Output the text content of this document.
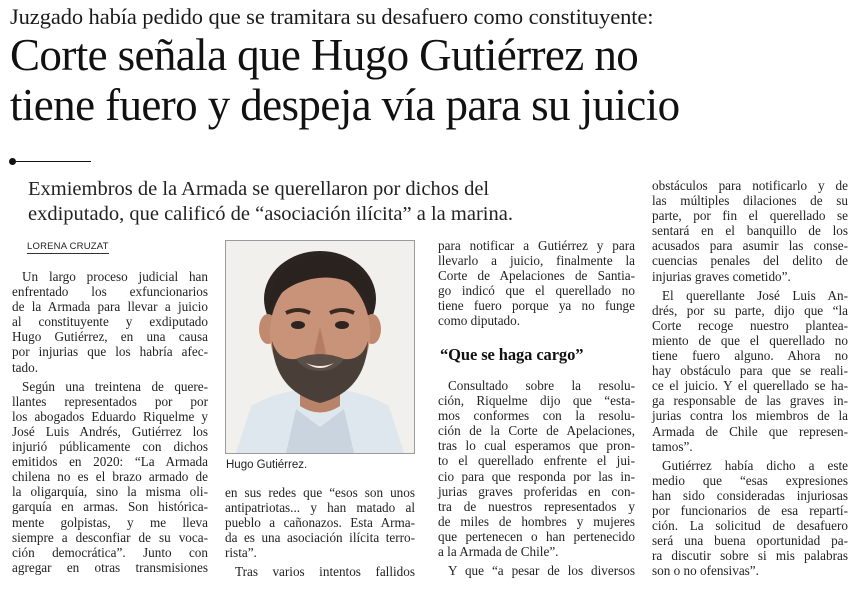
Juzgado había pedido que se tramitara su desafuero como constituyente:
Corte señala que Hugo Gutiérrez no
tiene fuero y despeja vía para su juicio
Exmiembros de la Armada se querellaron por dichos del
exdiputado, que calificó de “asociación ilícita” a la marina.
LORENA CRUZAT
Un largo proceso judicial han
enfrentado los exfuncionarios
de la Armada para llevar a juicio
al constituyente y exdiputado
Hugo Gutiérrez, en una causa
por injurias que los habría afec-
tado.
Según una treintena de quere-
llantes representados por por
los abogados Eduardo Riquelme y
José Luis Andrés, Gutiérrez los
injurió públicamente con dichos
emitidos en 2020: “La Armada
chilena no es el brazo armado de
la oligarquía, sino la misma oli-
garquía en armas. Son histórica-
mente golpistas, y me lleva
siempre a desconfiar de su voca-
ción democrática”. Junto con
agregar en otras transmisiones
en sus redes que “esos son unos
antipatriotas... y han matado al
pueblo a cañonazos. Esta Arma-
da es una asociación ilícita terro-
rista”.
Tras varios intentos fallidos
para notificar a Gutiérrez y para
llevarlo a juicio, finalmente la
Corte de Apelaciones de Santia-
go indicó que el querellado no
tiene fuero porque ya no funge
como diputado.
“Que se haga cargo”
Consultado sobre la resolu-
ción, Riquelme dijo que “esta-
mos conformes con la resolu-
ción de la Corte de Apelaciones,
tras lo cual esperamos que pron-
to el querellado enfrente el jui-
cio para que responda por las in-
jurias graves proferidas en con-
tra de nuestros representados y
de miles de hombres y mujeres
que pertenecen o han pertenecido
a la Armada de Chile”.
Y que “a pesar de los diversos
obstáculos para notificarlo y de
las múltiples dilaciones de su
parte, por fin el querellado se
sentará en el banquillo de los
acusados para asumir las conse-
cuencias penales del delito de
injurias graves cometido”.
El querellante José Luis An-
drés, por su parte, dijo que “la
Corte recoge nuestro plantea-
miento de que el querellado no
tiene fuero alguno. Ahora no
hay obstáculo para que se reali-
ce el juicio. Y el querellado se ha-
ga responsable de las graves in-
jurias contra los miembros de la
Armada de Chile que represen-
tamos”.
Gutiérrez había dicho a este
medio que “esas expresiones
han sido consideradas injuriosas
por funcionarios de esa repartí-
ción. La solicitud de desafuero
será una buena oportunidad pa-
ra discutir sobre si mis palabras
son o no ofensivas”.
Hugo Gutiérrez.
